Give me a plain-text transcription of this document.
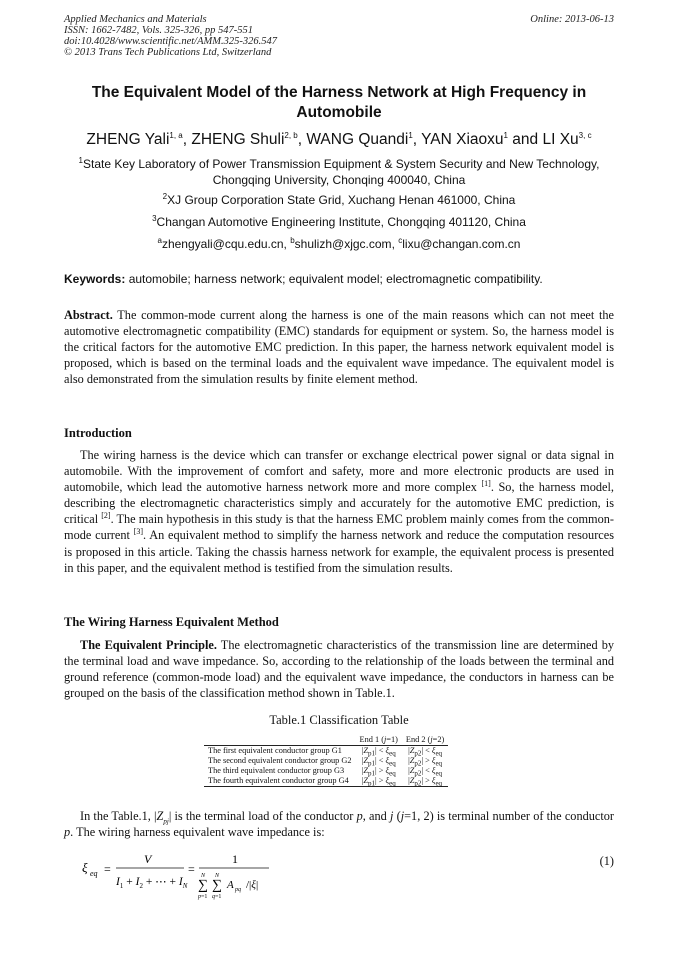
Applied Mechanics and Materials
ISSN: 1662-7482, Vols. 325-326, pp 547-551
doi:10.4028/www.scientific.net/AMM.325-326.547
© 2013 Trans Tech Publications Ltd, Switzerland
Online: 2013-06-13
The Equivalent Model of the Harness Network at High Frequency in Automobile
ZHENG Yali$^{1, a}$, ZHENG Shuli$^{2, b}$, WANG Quandi$^1$, YAN Xiaoxu$^1$ and LI Xu$^{3, c}$
$^1$State Key Laboratory of Power Transmission Equipment & System Security and New Technology, Chongqing University, Chonqing 400040, China
$^2$XJ Group Corporation State Grid, Xuchang Henan 461000, China
$^3$Changan Automotive Engineering Institute, Chongqing 401120, China
$^a$zhengyali@cqu.edu.cn, $^b$shulizh@xjgc.com, $^c$lixu@changan.com.cn
Keywords: automobile; harness network; equivalent model; electromagnetic compatibility.
Abstract. The common-mode current along the harness is one of the main reasons which can not meet the automotive electromagnetic compatibility (EMC) standards for equipment or system. So, the harness model is the critical factors for the automotive EMC prediction. In this paper, the harness network equivalent model is proposed, which is based on the terminal loads and the equivalent wave impedance. The equivalent model is also demonstrated from the simulation results by finite element method.
Introduction
The wiring harness is the device which can transfer or exchange electrical power signal or data signal in automobile. With the improvement of comfort and safety, more and more electronic products are used in automobile, which lead the automotive harness network more and more complex [1]. So, the harness model, describing the electromagnetic characteristics simply and accurately for the automotive EMC prediction, is critical [2]. The main hypothesis in this study is that the harness EMC problem mainly comes from the common-mode current [3]. An equivalent method to simplify the harness network and reduce the computation resources is proposed in this article. Taking the chassis harness network for example, the equivalent process is presented in this paper, and the equivalent method is testified from the simulation results.
The Wiring Harness Equivalent Method
The Equivalent Principle. The electromagnetic characteristics of the transmission line are determined by the terminal load and wave impedance. So, according to the relationship of the loads between the terminal and ground reference (common-mode load) and the equivalent wave impedance, the conductors in harness can be grouped on the basis of the classification method shown in Table.1.
Table.1 Classification Table
	End 1 (j=1)	End 2 (j=2)
The first equivalent conductor group G1	$|Z_{p1}| < \xi_{eq}$	$|Z_{p2}| < \xi_{eq}$
The second equivalent conductor group G2	$|Z_{p1}| < \xi_{eq}$	$|Z_{p2}| > \xi_{eq}$
The third equivalent conductor group G3	$|Z_{p1}| > \xi_{eq}$	$|Z_{p2}| < \xi_{eq}$
The fourth equivalent conductor group G4	$|Z_{p1}| > \xi_{eq}$	$|Z_{p2}| > \xi_{eq}$
In the Table.1, $|Z_{pj}|$ is the terminal load of the conductor p, and j (j=1, 2) is terminal number of the conductor p. The wiring harness equivalent wave impedance is:
ξ eq =
V
$I_1 + I_2$ + ⋯ + $I_N$
=
1
N
∑
p=1
N
∑
q=1
A pq /|ξ|
(1)
